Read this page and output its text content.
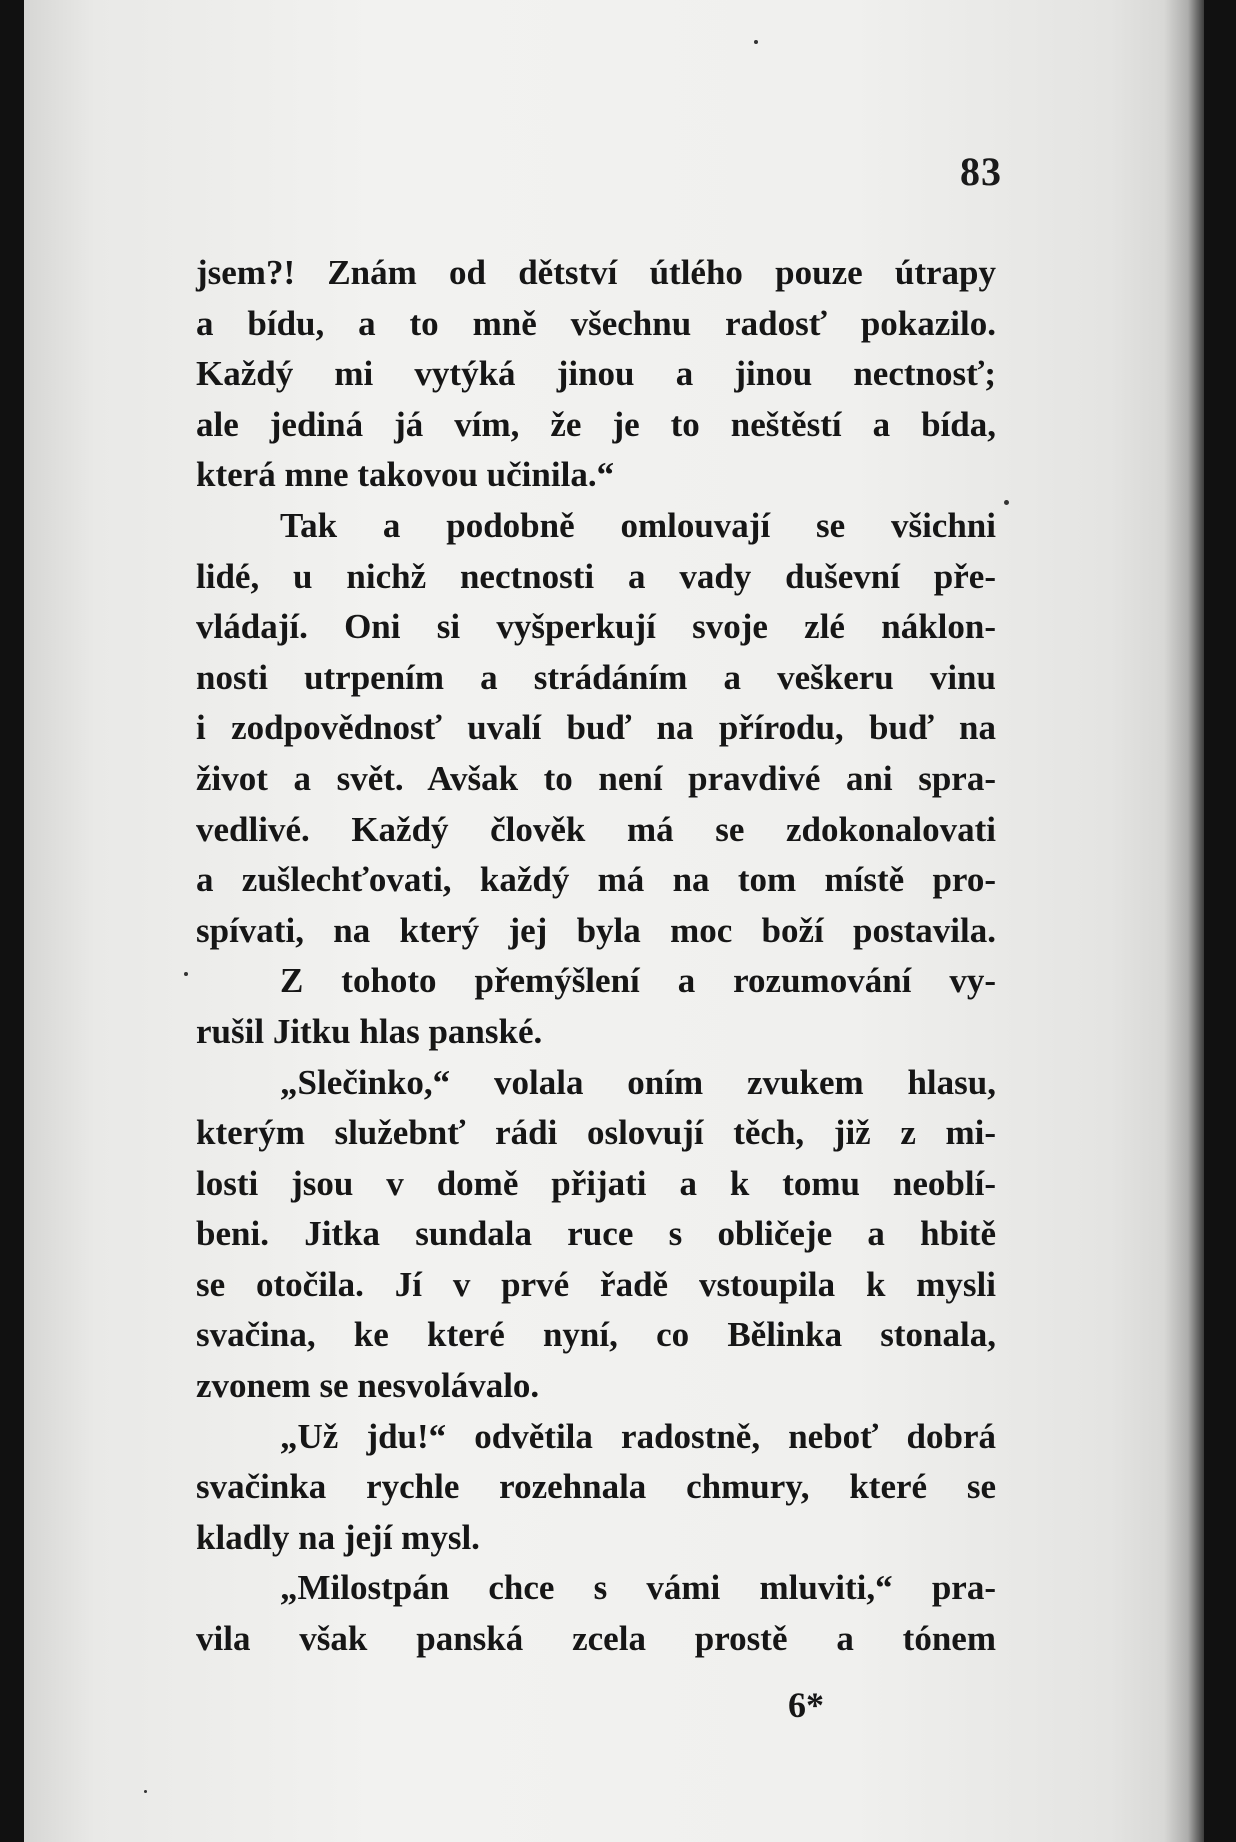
83
jsem?! Znám od dětství útlého pouze útrapy
a bídu, a to mně všechnu radosť pokazilo.
Každý mi vytýká jinou a jinou nectnosť;
ale jediná já vím, že je to neštěstí a bída,
která mne takovou učinila.“
Tak a podobně omlouvají se všichni
lidé, u nichž nectnosti a vady duševní pře-
vládají. Oni si vyšperkují svoje zlé náklon-
nosti utrpením a strádáním a veškeru vinu
i zodpovědnosť uvalí buď na přírodu, buď na
život a svět. Avšak to není pravdivé ani spra-
vedlivé. Každý člověk má se zdokonalovati
a zušlechťovati, každý má na tom místě pro-
spívati, na který jej byla moc boží postavila.
Z tohoto přemýšlení a rozumování vy-
rušil Jitku hlas panské.
„Slečinko,“ volala oním zvukem hlasu,
kterým služebnť rádi oslovují těch, již z mi-
losti jsou v domě přijati a k tomu neoblí-
beni. Jitka sundala ruce s obličeje a hbitě
se otočila. Jí v prvé řadě vstoupila k mysli
svačina, ke které nyní, co Bělinka stonala,
zvonem se nesvolávalo.
„Už jdu!“ odvětila radostně, neboť dobrá
svačinka rychle rozehnala chmury, které se
kladly na její mysl.
„Milostpán chce s vámi mluviti,“ pra-
vila však panská zcela prostě a tónem
6*
